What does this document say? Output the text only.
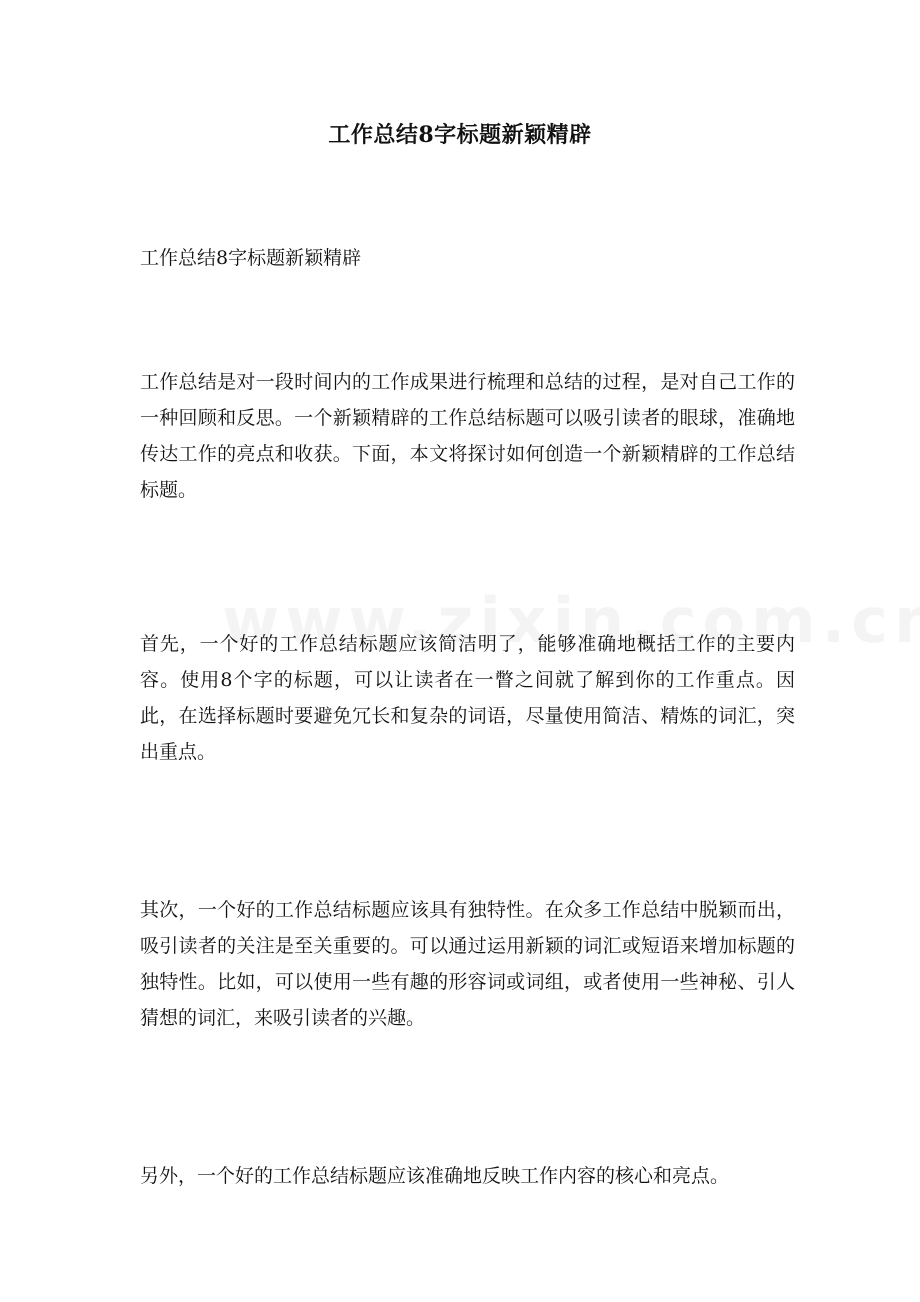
工作总结8字标题新颖精辟

工作总结8字标题新颖精辟

工作总结是对一段时间内的工作成果进行梳理和总结的过程，是对自己工作的一种回顾和反思。一个新颖精辟的工作总结标题可以吸引读者的眼球，准确地传达工作的亮点和收获。下面，本文将探讨如何创造一个新颖精辟的工作总结标题。

首先，一个好的工作总结标题应该简洁明了，能够准确地概括工作的主要内容。使用8个字的标题，可以让读者在一瞥之间就了解到你的工作重点。因此，在选择标题时要避免冗长和复杂的词语，尽量使用简洁、精炼的词汇，突出重点。

其次，一个好的工作总结标题应该具有独特性。在众多工作总结中脱颖而出，吸引读者的关注是至关重要的。可以通过运用新颖的词汇或短语来增加标题的独特性。比如，可以使用一些有趣的形容词或词组，或者使用一些神秘、引人猜想的词汇，来吸引读者的兴趣。

另外，一个好的工作总结标题应该准确地反映工作内容的核心和亮点。
